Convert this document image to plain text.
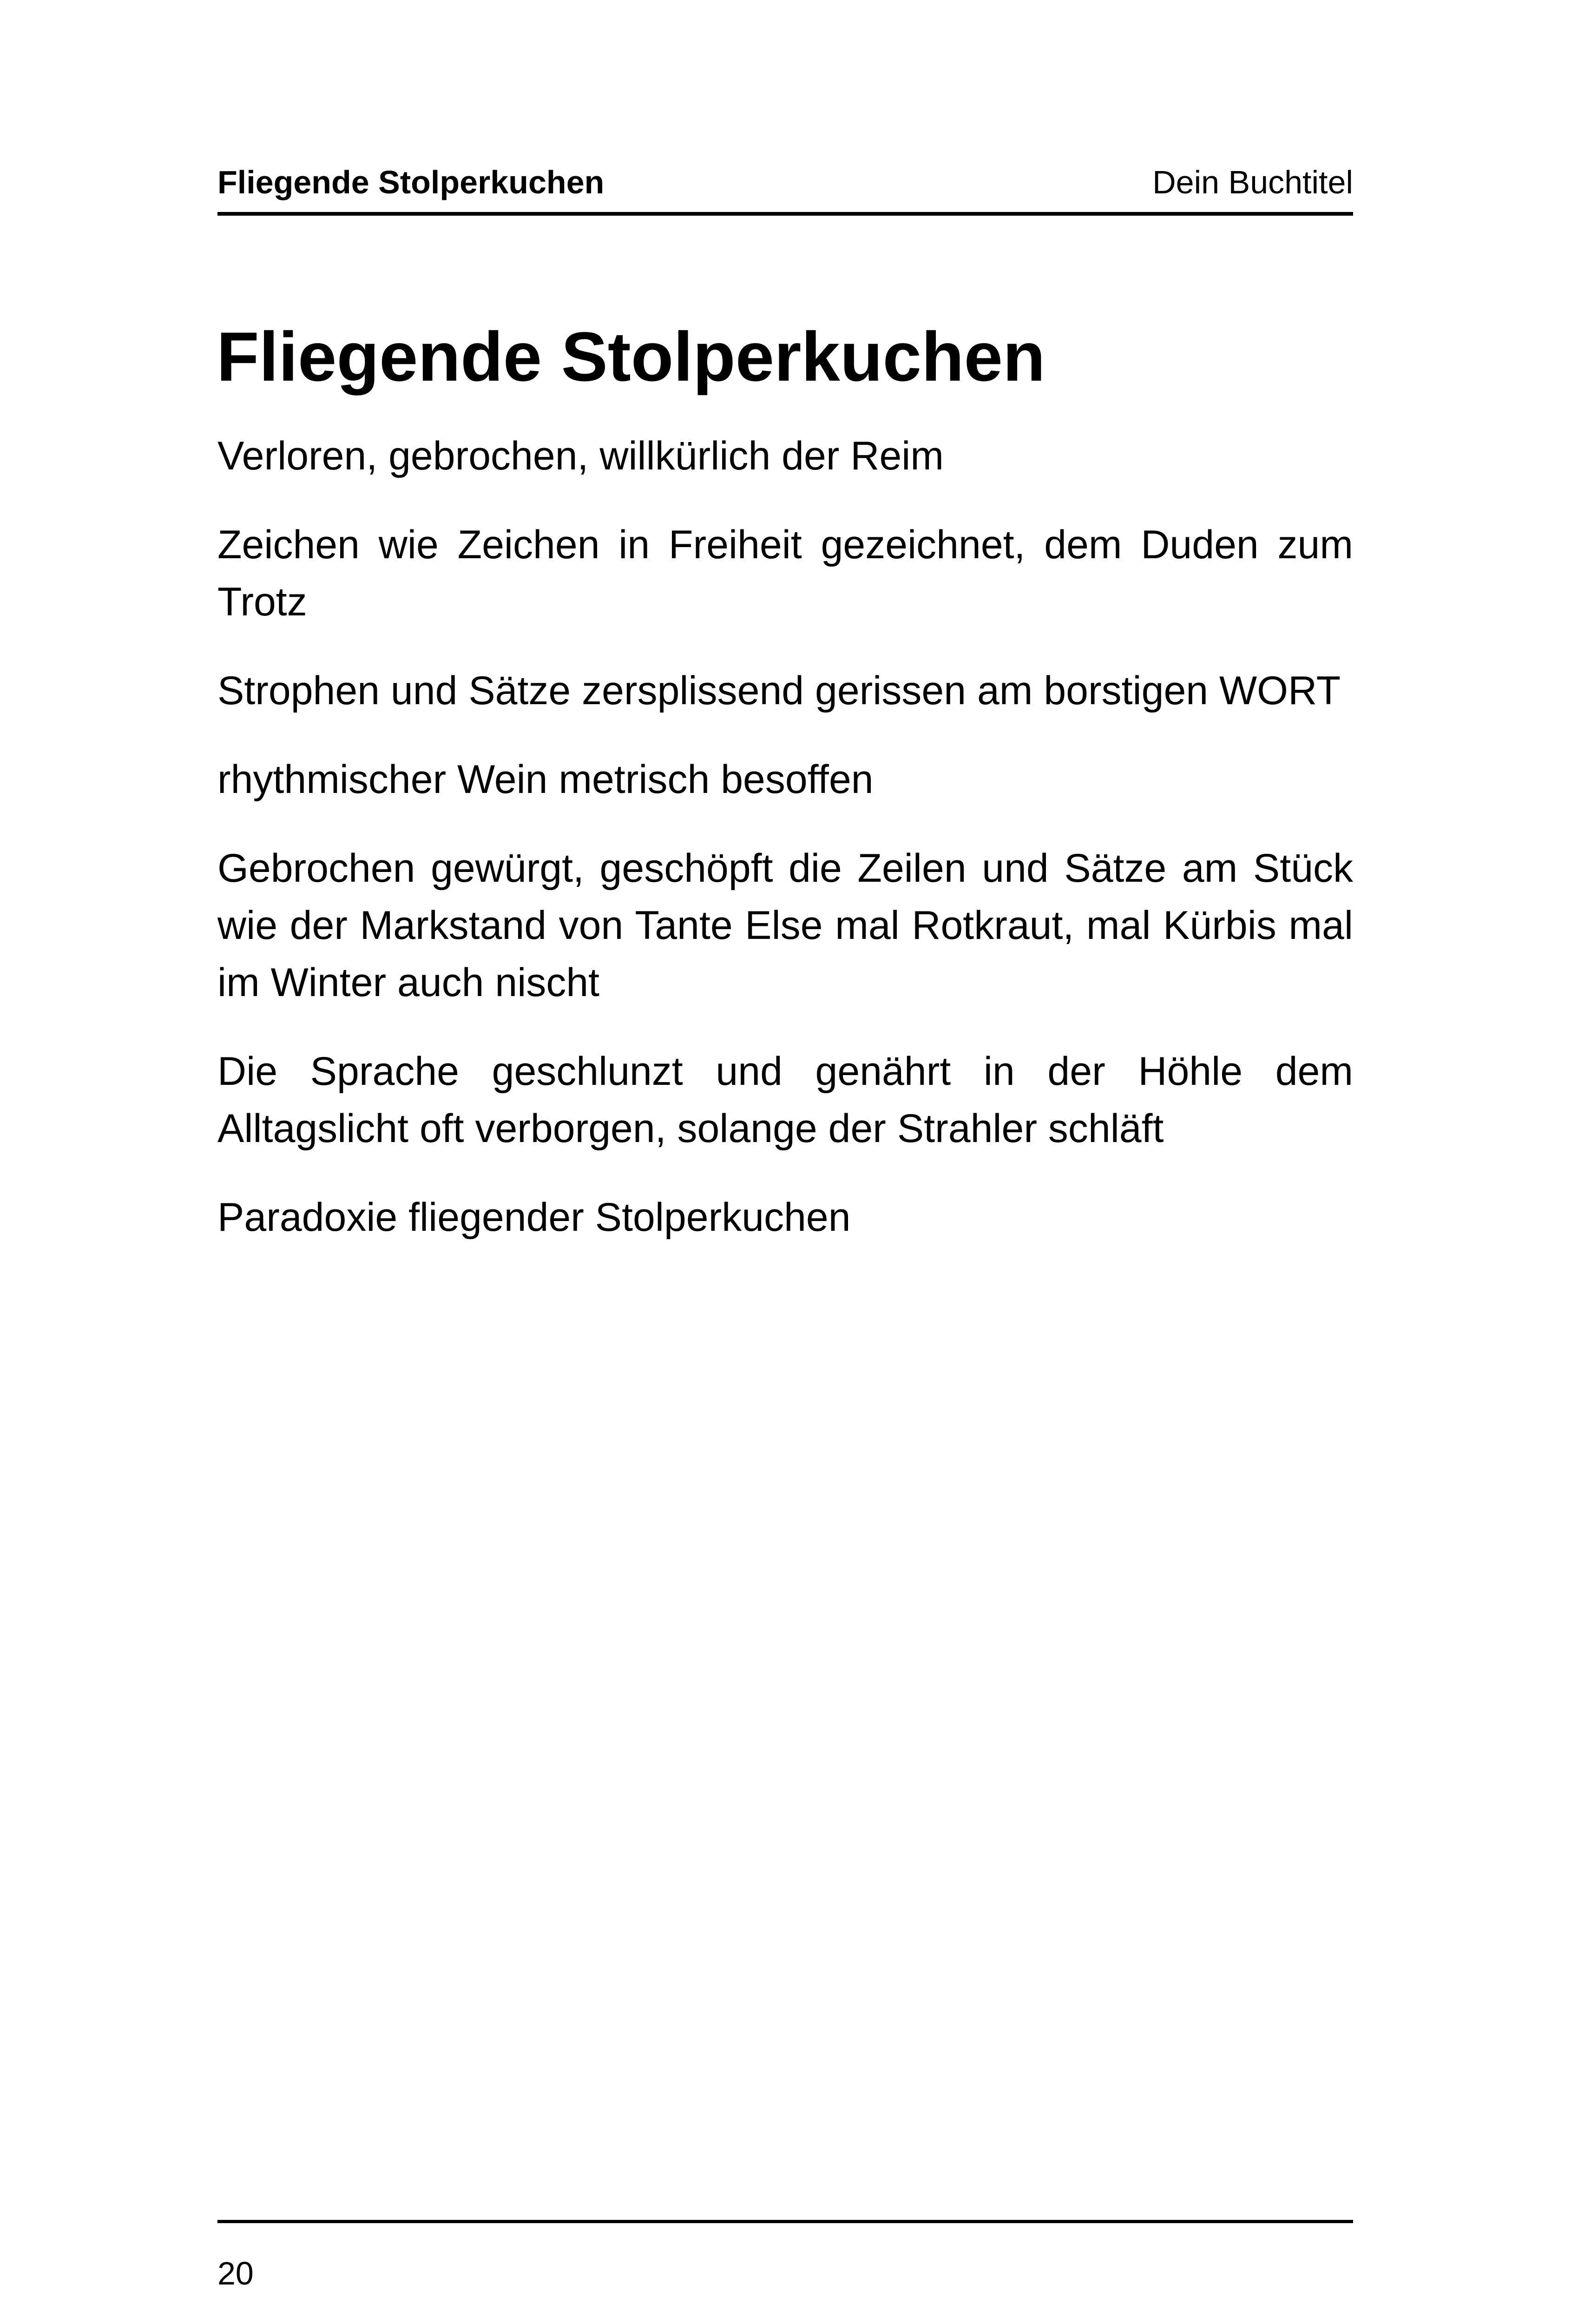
Fliegende Stolperkuchen	Dein Buchtitel
Fliegende Stolperkuchen

Verloren, gebrochen, willkürlich der Reim

Zeichen wie Zeichen in Freiheit gezeichnet, dem Duden zum Trotz

Strophen und Sätze zersplissend gerissen am borstigen WORT

rhythmischer Wein metrisch besoffen

Gebrochen gewürgt, geschöpft die Zeilen und Sätze am Stück wie der Markstand von Tante Else mal Rotkraut, mal Kürbis mal im Winter auch nischt

Die Sprache geschlunzt und genährt in der Höhle dem Alltagslicht oft verborgen, solange der Strahler schläft

Paradoxie fliegender Stolperkuchen

20
